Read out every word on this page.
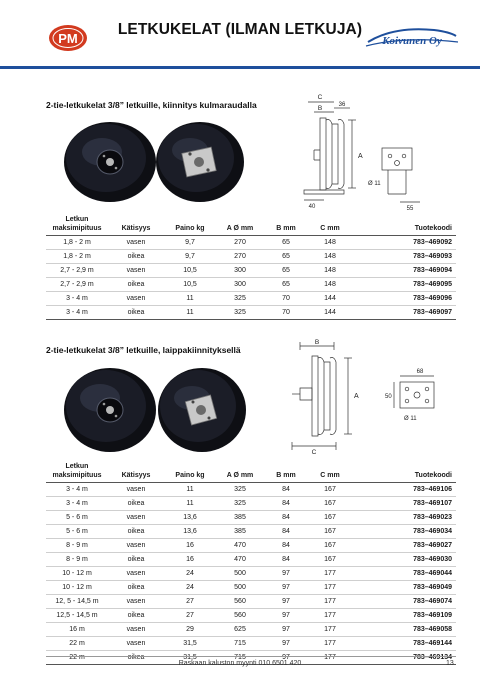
PM
LETKUKELAT (ILMAN LETKUJA)
Koivunen Oy
2-tie-letkukelat 3/8” letkuille, kiinnitys kulmaraudalla
C
B	36
A
40
Ø 11
55
Letkun maksimipituus	Kätisyys	Paino kg	A Ø mm	B mm	C mm	Tuotekoodi
1,8 - 2 m	vasen	9,7	270	65	148	783–469092
1,8 - 2 m	oikea	9,7	270	65	148	783–469093
2,7 - 2,9 m	vasen	10,5	300	65	148	783–469094
2,7 - 2,9 m	oikea	10,5	300	65	148	783–469095
3 - 4 m	vasen	11	325	70	144	783–469096
3 - 4 m	oikea	11	325	70	144	783–469097
2-tie-letkukelat 3/8” letkuille, laippakiinnityksellä
B
A
C
68
50
Ø 11
Letkun maksimipituus	Kätisyys	Paino kg	A Ø mm	B mm	C mm	Tuotekoodi
3 - 4 m	vasen	11	325	84	167	783–469106
3 - 4 m	oikea	11	325	84	167	783–469107
5 - 6 m	vasen	13,6	385	84	167	783–469023
5 - 6 m	oikea	13,6	385	84	167	783–469034
8 - 9 m	vasen	16	470	84	167	783–469027
8 - 9 m	oikea	16	470	84	167	783–469030
10 - 12 m	vasen	24	500	97	177	783–469044
10 - 12 m	oikea	24	500	97	177	783–469049
12, 5 - 14,5 m	vasen	27	560	97	177	783–469074
12,5 - 14,5 m	oikea	27	560	97	177	783–469109
16 m	vasen	29	625	97	177	783–469058
22 m	vasen	31,5	715	97	177	783–469144
22 m	oikea	31,5	715	97	177	783–469134
Raskaan kaluston myynti 010 6501 420	13
